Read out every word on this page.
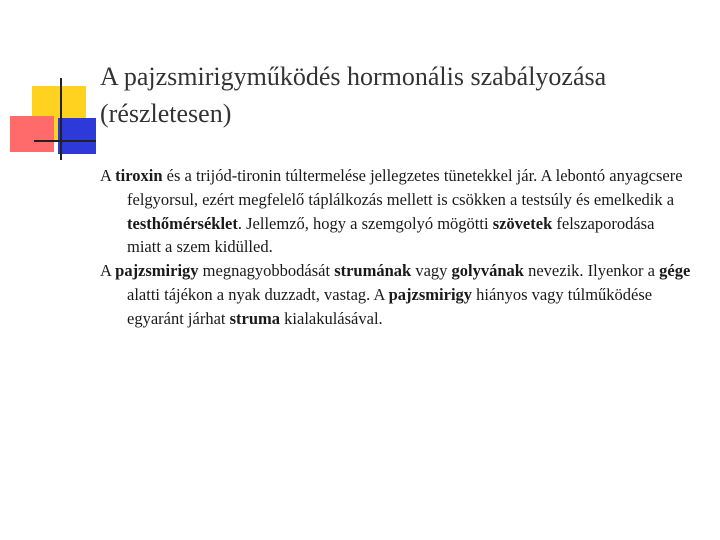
A pajzsmirigyműködés hormonális szabályozása (részletesen)

A tiroxin és a trijód-tironin túltermelése jellegzetes tünetekkel jár. A lebontó anyagcsere felgyorsul, ezért megfelelő táplálkozás mellett is csökken a testsúly és emelkedik a testhőmérséklet. Jellemző, hogy a szemgolyó mögötti szövetek felszaporodása miatt a szem kidülled.

A pajzsmirigy megnagyobbodását strumának vagy golyvának nevezik. Ilyenkor a gége alatti tájékon a nyak duzzadt, vastag. A pajzsmirigy hiányos vagy túlműködése egyaránt járhat struma kialakulásával.
